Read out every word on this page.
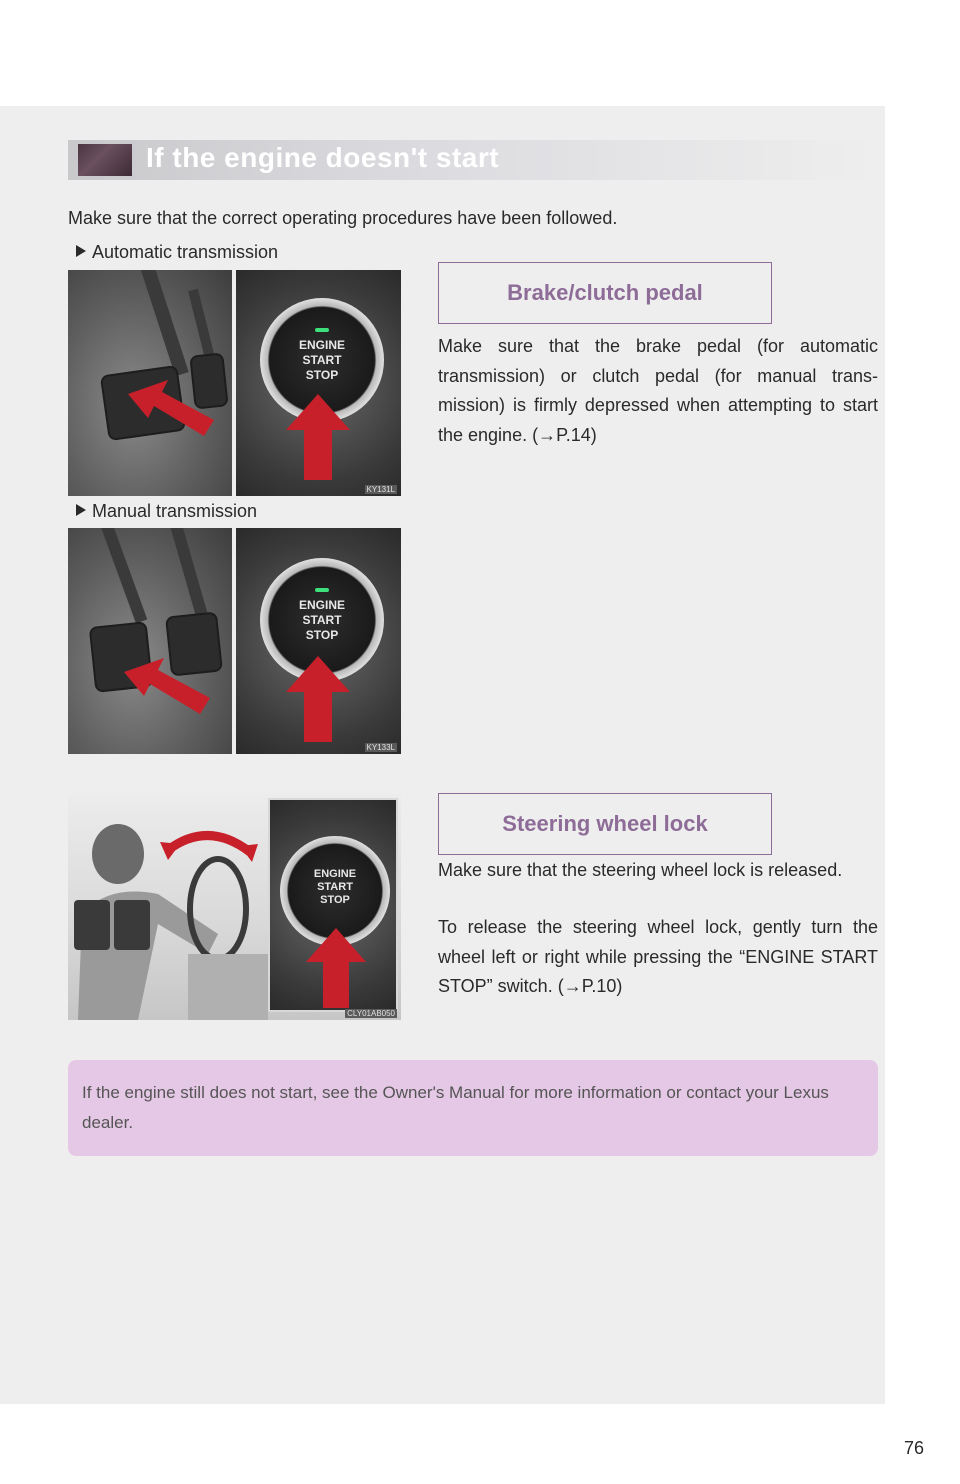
If the engine doesn't start
Make sure that the correct operating procedures have been followed.
Automatic transmission
ENGINE START STOP
KY131L
Manual transmission
ENGINE START STOP
KY133L
Brake/clutch pedal
Make sure that the brake pedal (for automatic transmission) or clutch pedal (for manual trans-mission) is firmly depressed when attempting to start the engine. (→P.14)
ENGINE START STOP
CLY01AB050
Steering wheel lock
Make sure that the steering wheel lock is released.
To release the steering wheel lock, gently turn the wheel left or right while pressing the “ENGINE START STOP” switch. (→P.10)
If the engine still does not start, see the Owner's Manual for more information or contact your Lexus dealer.
76
